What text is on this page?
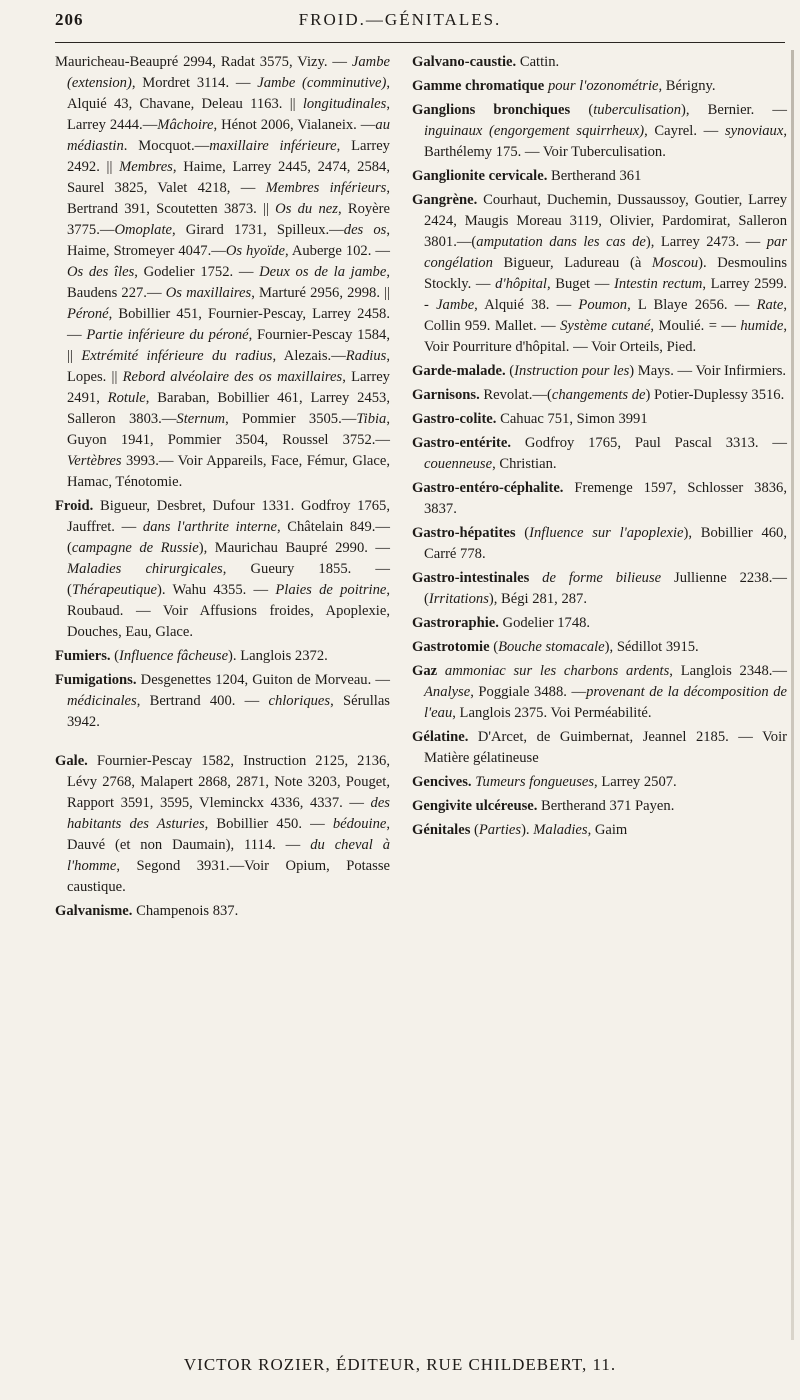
206	FROID.—GÉNITALES.

Mauricheau-Beaupré 2994, Radat 3575, Vizy. — Jambe (extension), Mordret 3114. — Jambe (comminutive), Alquié 43, Chavane, Deleau 1163. || longitudinales, Larrey 2444.—Mâchoire, Hénot 2006, Vialaneix. —au médiastin. Mocquot.—maxillaire inférieure, Larrey 2492. || Membres, Haime, Larrey 2445, 2474, 2584, Saurel 3825, Valet 4218, — Membres inférieurs, Bertrand 391, Scoutetten 3873. || Os du nez, Royère 3775.—Omoplate, Girard 1731, Spilleux.—des os, Haime, Stromeyer 4047.—Os hyoïde, Auberge 102. — Os des îles, Godelier 1752. — Deux os de la jambe, Baudens 227.— Os maxillaires, Marturé 2956, 2998. || Péroné, Bobillier 451, Fournier-Pescay, Larrey 2458.— Partie inférieure du péroné, Fournier-Pescay 1584, || Extrémité inférieure du radius, Alezais.—Radius, Lopes. || Rebord alvéolaire des os maxillaires, Larrey 2491, Rotule, Baraban, Bobillier 461, Larrey 2453, Salleron 3803.—Sternum, Pommier 3505.—Tibia, Guyon 1941, Pommier 3504, Roussel 3752.— Vertèbres 3993.— Voir Appareils, Face, Fémur, Glace, Hamac, Ténotomie.

Froid. Bigueur, Desbret, Dufour 1331. Godfroy 1765, Jauffret. — dans l'arthrite interne, Châtelain 849.— (campagne de Russie), Maurichau Baupré 2990. — Maladies chirurgicales, Gueury 1855. — (Thérapeutique). Wahu 4355. — Plaies de poitrine, Roubaud. — Voir Affusions froides, Apoplexie, Douches, Eau, Glace.

Fumiers. (Influence fâcheuse). Langlois 2372.

Fumigations. Desgenettes 1204, Guiton de Morveau. — médicinales, Bertrand 400. — chloriques, Sérullas 3942.

Gale. Fournier-Pescay 1582, Instruction 2125, 2136, Lévy 2768, Malapert 2868, 2871, Note 3203, Pouget, Rapport 3591, 3595, Vleminckx 4336, 4337. — des habitants des Asturies, Bobillier 450. — bédouine, Dauvé (et non Daumain), 1114. — du cheval à l'homme, Segond 3931.—Voir Opium, Potasse caustique.

Galvanisme. Champenois 837.

Galvano-caustie. Cattin.

Gamme chromatique pour l'ozonométrie, Bérigny.

Ganglions bronchiques (tuberculisation), Bernier. — inguinaux (engorgement squirrheux), Cayrel. — synoviaux, Barthélemy 175. — Voir Tuberculisation.

Ganglionite cervicale. Bertherand 361

Gangrène. Courhaut, Duchemin, Dussaussoy, Goutier, Larrey 2424, Maugis Moreau 3119, Olivier, Pardomirat, Salleron 3801.—(amputation dans les cas de), Larrey 2473. — par congélation Bigueur, Ladureau (à Moscou). Desmoulins Stockly. — d'hôpital, Buget — Intestin rectum, Larrey 2599. - Jambe, Alquié 38. — Poumon, L Blaye 2656. — Rate, Collin 959. Mallet. — Système cutané, Moulié. = — humide, Voir Pourriture d'hôpital. — Voir Orteils, Pied.

Garde-malade. (Instruction pour les) Mays. — Voir Infirmiers.

Garnisons. Revolat.—(changements de) Potier-Duplessy 3516.

Gastro-colite. Cahuac 751, Simon 3991

Gastro-entérite. Godfroy 1765, Paul Pascal 3313. — couenneuse, Christian.

Gastro-entéro-céphalite. Fremenge 1597, Schlosser 3836, 3837.

Gastro-hépatites (Influence sur l'apoplexie), Bobillier 460, Carré 778.

Gastro-intestinales de forme bilieuse Jullienne 2238.— (Irritations), Bégi 281, 287.

Gastroraphie. Godelier 1748.

Gastrotomie (Bouche stomacale), Sédillot 3915.

Gaz ammoniac sur les charbons ardents, Langlois 2348.—Analyse, Poggiale 3488. —provenant de la décomposition de l'eau, Langlois 2375. Voi Perméabilité.

Gélatine. D'Arcet, de Guimbernat, Jeannel 2185. — Voir Matière gélatineuse

Gencives. Tumeurs fongueuses, Larrey 2507.

Gengivite ulcéreuse. Bertherand 371 Payen.

Génitales (Parties). Maladies, Gaim

VICTOR ROZIER, ÉDITEUR, RUE CHILDEBERT, 11.
